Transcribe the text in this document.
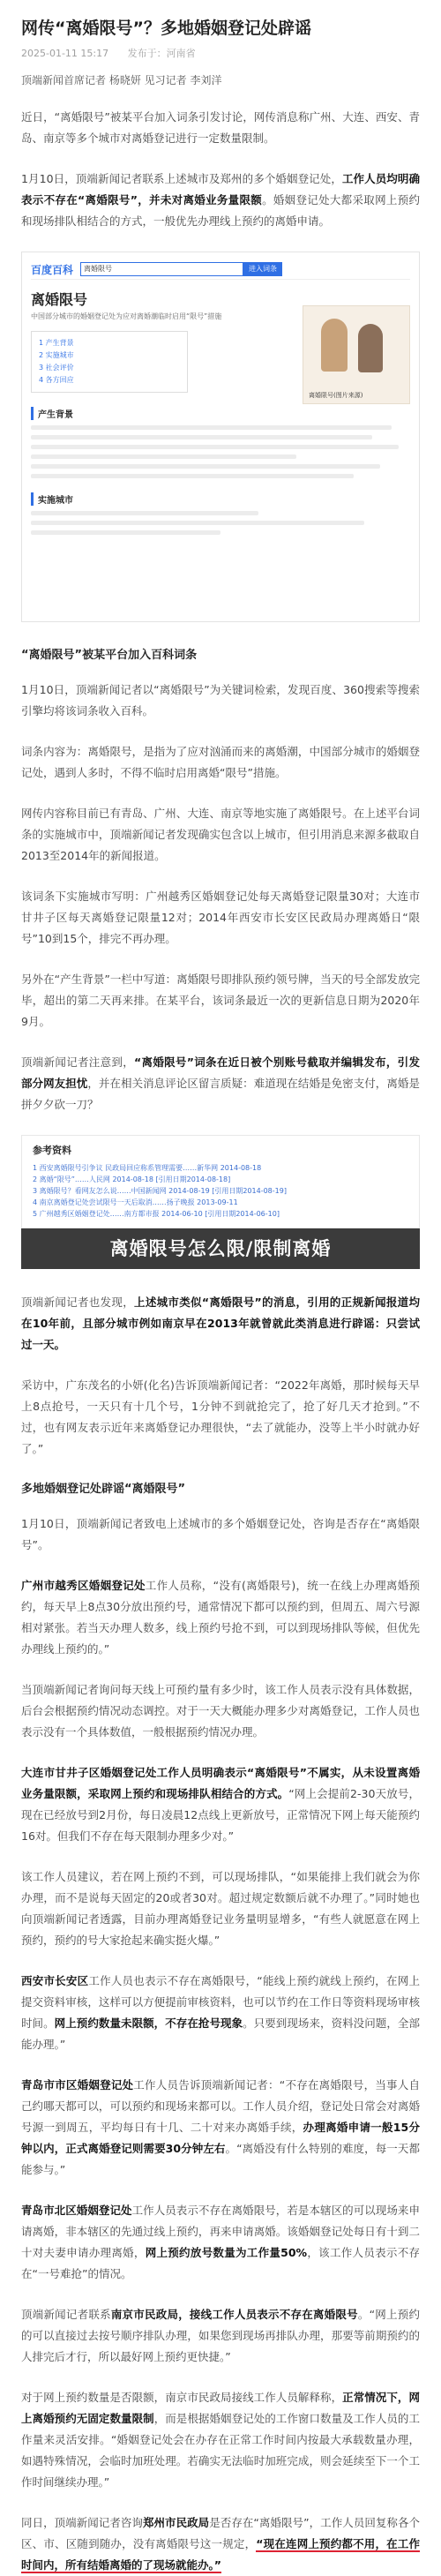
网传“离婚限号”？多地婚姻登记处辟谣
2025-01-11 15:17 发布于：河南省
顶端新闻首席记者 杨晓妍 见习记者 李刘洋

近日，“离婚限号”被某平台加入词条引发讨论，网传消息称广州、大连、西安、青岛、南京等多个城市对离婚登记进行一定数量限制。

1月10日，顶端新闻记者联系上述城市及郑州的多个婚姻登记处，工作人员均明确表示不存在“离婚限号”，并未对离婚业务量限额。婚姻登记处大都采取网上预约和现场排队相结合的方式，一般优先办理线上预约的离婚申请。

百度百科	离婚限号	进入词条
离婚限号
中国部分城市的婚姻登记处为应对离婚潮临时启用“限号”措施
1 产生背景
2 实施城市
3 社会评价
4 各方回应
离婚限号(图片来源)
产生背景
实施城市
“离婚限号”被某平台加入百科词条

1月10日，顶端新闻记者以“离婚限号”为关键词检索，发现百度、360搜索等搜索引擎均将该词条收入百科。

词条内容为：离婚限号，是指为了应对汹涌而来的离婚潮，中国部分城市的婚姻登记处，遇到人多时，不得不临时启用离婚“限号”措施。

网传内容称目前已有青岛、广州、大连、南京等地实施了离婚限号。在上述平台词条的实施城市中，顶端新闻记者发现确实包含以上城市，但引用消息来源多截取自2013至2014年的新闻报道。

该词条下实施城市写明：广州越秀区婚姻登记处每天离婚登记限量30对；大连市甘井子区每天离婚登记限量12对；2014年西安市长安区民政局办理离婚日“限号”10到15个，排完不再办理。

另外在“产生背景”一栏中写道：离婚限号即排队预约领号牌，当天的号全部发放完毕，超出的第二天再来排。在某平台，该词条最近一次的更新信息日期为2020年9月。

顶端新闻记者注意到，“离婚限号”词条在近日被个别账号截取并编辑发布，引发部分网友担忧，并在相关消息评论区留言质疑：难道现在结婚是免密支付，离婚是拼夕夕砍一刀？

参考资料
1 西安离婚限号引争议 民政局回应称系管理需要……新华网 2014-08-18
2 离婚“限号”……人民网 2014-08-18 [引用日期2014-08-18]
3 离婚限号？看网友怎么说……中国新闻网 2014-08-19 [引用日期2014-08-19]
4 南京离婚登记处尝试限号一天后取消……扬子晚报 2013-09-11
5 广州越秀区婚姻登记处……南方都市报 2014-06-10 [引用日期2014-06-10]
离婚限号怎么限/限制离婚

顶端新闻记者也发现，上述城市类似“离婚限号”的消息，引用的正规新闻报道均在10年前，且部分城市例如南京早在2013年就曾就此类消息进行辟谣：只尝试过一天。

采访中，广东茂名的小妍(化名)告诉顶端新闻记者：“2022年离婚，那时候每天早上8点抢号，一天只有十几个号，1分钟不到就抢完了，抢了好几天才抢到。”不过，也有网友表示近年来离婚登记办理很快，“去了就能办，没等上半小时就办好了。”

多地婚姻登记处辟谣“离婚限号”

1月10日，顶端新闻记者致电上述城市的多个婚姻登记处，咨询是否存在“离婚限号”。

广州市越秀区婚姻登记处工作人员称，“没有(离婚限号)，统一在线上办理离婚预约，每天早上8点30分放出预约号，通常情况下都可以预约到，但周五、周六号源相对紧张。若当天办理人数多，线上预约号抢不到，可以到现场排队等候，但优先办理线上预约的。”

当顶端新闻记者询问每天线上可预约量有多少时，该工作人员表示没有具体数据，后台会根据预约情况动态调控。对于一天大概能办理多少对离婚登记，工作人员也表示没有一个具体数值，一般根据预约情况办理。

大连市甘井子区婚姻登记处工作人员明确表示“离婚限号”不属实，从未设置离婚业务量限额，采取网上预约和现场排队相结合的方式。“网上会提前2-30天放号，现在已经放号到2月份，每日凌晨12点线上更新放号，正常情况下网上每天能预约16对。但我们不存在每天限制办理多少对。”

该工作人员建议，若在网上预约不到，可以现场排队，“如果能排上我们就会为你办理，而不是说每天固定的20或者30对。超过规定数额后就不办理了。”同时她也向顶端新闻记者透露，目前办理离婚登记业务量明显增多，“有些人就愿意在网上预约，预约的号大家抢起来确实挺火爆。”

西安市长安区工作人员也表示不存在离婚限号，“能线上预约就线上预约，在网上提交资料审核，这样可以方便提前审核资料，也可以节约在工作日等资料现场审核时间。网上预约数量未限额，不存在抢号现象。只要到现场来，资料没问题，全部能办理。”

青岛市市区婚姻登记处工作人员告诉顶端新闻记者：“不存在离婚限号，当事人自己约哪天都可以，可以预约和现场来都可以。工作人员介绍，登记处日常会对离婚号源一到周五，平均每日有十几、二十对来办离婚手续，办理离婚申请一般15分钟以内，正式离婚登记则需要30分钟左右。“离婚没有什么特别的难度，每一天都能参与。”

青岛市北区婚姻登记处工作人员表示不存在离婚限号，若是本辖区的可以现场来申请离婚，非本辖区的先通过线上预约，再来申请离婚。该婚姻登记处每日有十到二十对夫妻申请办理离婚，网上预约放号数量为工作量50%，该工作人员表示不存在“一号难抢”的情况。

顶端新闻记者联系南京市民政局，接线工作人员表示不存在离婚限号。“网上预约的可以直接过去按号顺序排队办理，如果您到现场再排队办理，那要等前期预约的人排完后才行，所以最好网上预约更快捷。”

对于网上预约数量是否限额，南京市民政局接线工作人员解释称，正常情况下，网上离婚预约无固定数量限制，而是根据婚姻登记处的工作窗口数量及工作人员的工作量来灵活安排。“婚姻登记处会在办存在正常工作时间内按最大承载数量办理，如遇特殊情况，会临时加班处理。若确实无法临时加班完成，则会延续至下一个工作时间继续办理。”

同日，顶端新闻记者咨询郑州市民政局是否存在“离婚限号”，工作人员回复称各个区、市、区随到随办，没有离婚限号这一规定，“现在连网上预约都不用，在工作时间内，所有结婚离婚的了现场就能办。”
